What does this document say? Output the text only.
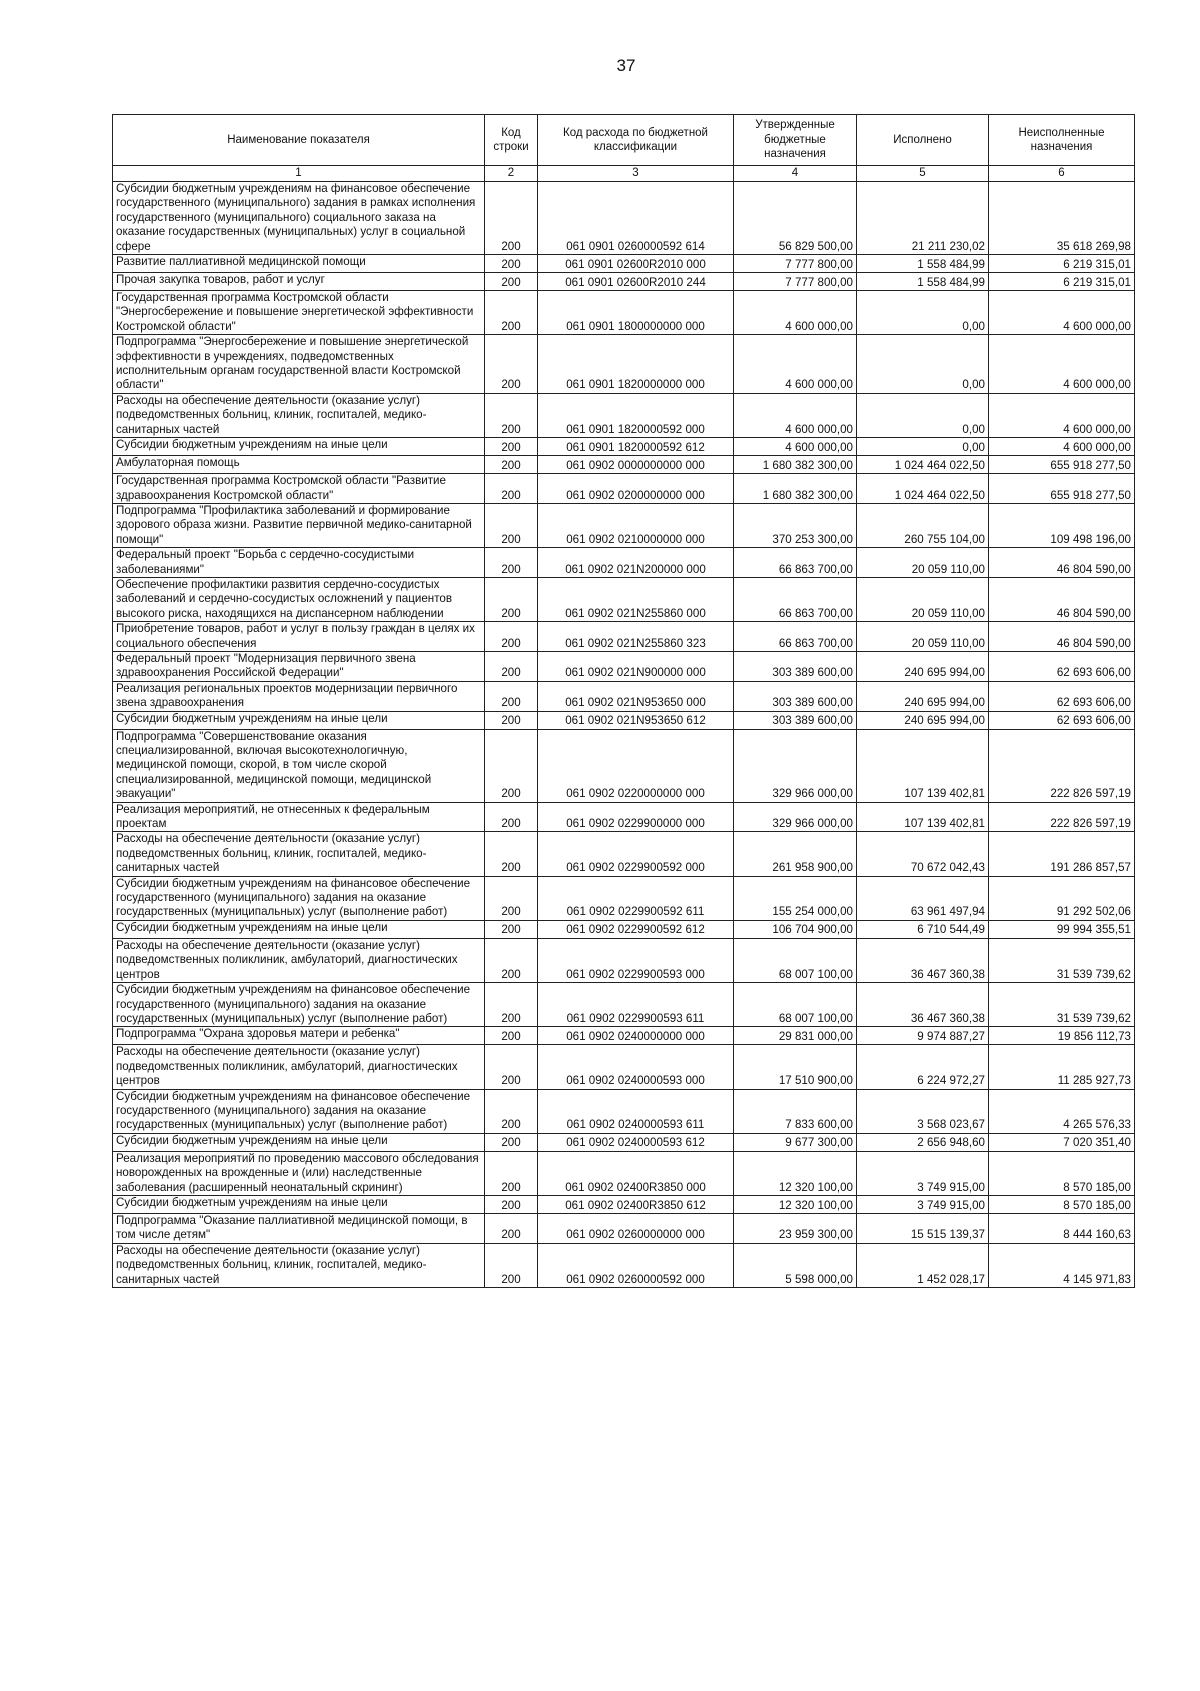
37
Наименование показателя	Код строки	Код расхода по бюджетной классификации	Утвержденные бюджетные назначения	Исполнено	Неисполненные назначения
1	2	3	4	5	6
Субсидии бюджетным учреждениям на финансовое обеспечение государственного (муниципального) задания в рамках исполнения государственного (муниципального) социального заказа на оказание государственных (муниципальных) услуг в социальной сфере	200	061 0901 0260000592 614	56 829 500,00	21 211 230,02	35 618 269,98
Развитие паллиативной медицинской помощи	200	061 0901 02600R2010 000	7 777 800,00	1 558 484,99	6 219 315,01
Прочая закупка товаров, работ и услуг	200	061 0901 02600R2010 244	7 777 800,00	1 558 484,99	6 219 315,01
Государственная программа Костромской области "Энергосбережение и повышение энергетической эффективности Костромской области"	200	061 0901 1800000000 000	4 600 000,00	0,00	4 600 000,00
Подпрограмма "Энергосбережение и повышение энергетической эффективности в учреждениях, подведомственных исполнительным органам государственной власти Костромской области"	200	061 0901 1820000000 000	4 600 000,00	0,00	4 600 000,00
Расходы на обеспечение деятельности (оказание услуг) подведомственных больниц, клиник, госпиталей, медико-санитарных частей	200	061 0901 1820000592 000	4 600 000,00	0,00	4 600 000,00
Субсидии бюджетным учреждениям на иные цели	200	061 0901 1820000592 612	4 600 000,00	0,00	4 600 000,00
Амбулаторная помощь	200	061 0902 0000000000 000	1 680 382 300,00	1 024 464 022,50	655 918 277,50
Государственная программа Костромской области "Развитие здравоохранения Костромской области"	200	061 0902 0200000000 000	1 680 382 300,00	1 024 464 022,50	655 918 277,50
Подпрограмма "Профилактика заболеваний и формирование здорового образа жизни. Развитие первичной медико-санитарной помощи"	200	061 0902 0210000000 000	370 253 300,00	260 755 104,00	109 498 196,00
Федеральный проект "Борьба с сердечно-сосудистыми заболеваниями"	200	061 0902 021N200000 000	66 863 700,00	20 059 110,00	46 804 590,00
Обеспечение профилактики развития сердечно-сосудистых заболеваний и сердечно-сосудистых осложнений у пациентов высокого риска, находящихся на диспансерном наблюдении	200	061 0902 021N255860 000	66 863 700,00	20 059 110,00	46 804 590,00
Приобретение товаров, работ и услуг в пользу граждан в целях их социального обеспечения	200	061 0902 021N255860 323	66 863 700,00	20 059 110,00	46 804 590,00
Федеральный проект "Модернизация первичного звена здравоохранения Российской Федерации"	200	061 0902 021N900000 000	303 389 600,00	240 695 994,00	62 693 606,00
Реализация региональных проектов модернизации первичного звена здравоохранения	200	061 0902 021N953650 000	303 389 600,00	240 695 994,00	62 693 606,00
Субсидии бюджетным учреждениям на иные цели	200	061 0902 021N953650 612	303 389 600,00	240 695 994,00	62 693 606,00
Подпрограмма "Совершенствование оказания специализированной, включая высокотехнологичную, медицинской помощи, скорой, в том числе скорой специализированной, медицинской помощи, медицинской эвакуации"	200	061 0902 0220000000 000	329 966 000,00	107 139 402,81	222 826 597,19
Реализация мероприятий, не отнесенных к федеральным проектам	200	061 0902 0229900000 000	329 966 000,00	107 139 402,81	222 826 597,19
Расходы на обеспечение деятельности (оказание услуг) подведомственных больниц, клиник, госпиталей, медико-санитарных частей	200	061 0902 0229900592 000	261 958 900,00	70 672 042,43	191 286 857,57
Субсидии бюджетным учреждениям на финансовое обеспечение государственного (муниципального) задания на оказание государственных (муниципальных) услуг (выполнение работ)	200	061 0902 0229900592 611	155 254 000,00	63 961 497,94	91 292 502,06
Субсидии бюджетным учреждениям на иные цели	200	061 0902 0229900592 612	106 704 900,00	6 710 544,49	99 994 355,51
Расходы на обеспечение деятельности (оказание услуг) подведомственных поликлиник, амбулаторий, диагностических центров	200	061 0902 0229900593 000	68 007 100,00	36 467 360,38	31 539 739,62
Субсидии бюджетным учреждениям на финансовое обеспечение государственного (муниципального) задания на оказание государственных (муниципальных) услуг (выполнение работ)	200	061 0902 0229900593 611	68 007 100,00	36 467 360,38	31 539 739,62
Подпрограмма "Охрана здоровья матери и ребенка"	200	061 0902 0240000000 000	29 831 000,00	9 974 887,27	19 856 112,73
Расходы на обеспечение деятельности (оказание услуг) подведомственных поликлиник, амбулаторий, диагностических центров	200	061 0902 0240000593 000	17 510 900,00	6 224 972,27	11 285 927,73
Субсидии бюджетным учреждениям на финансовое обеспечение государственного (муниципального) задания на оказание государственных (муниципальных) услуг (выполнение работ)	200	061 0902 0240000593 611	7 833 600,00	3 568 023,67	4 265 576,33
Субсидии бюджетным учреждениям на иные цели	200	061 0902 0240000593 612	9 677 300,00	2 656 948,60	7 020 351,40
Реализация мероприятий по проведению массового обследования новорожденных на врожденные и (или) наследственные заболевания (расширенный неонатальный скрининг)	200	061 0902 02400R3850 000	12 320 100,00	3 749 915,00	8 570 185,00
Субсидии бюджетным учреждениям на иные цели	200	061 0902 02400R3850 612	12 320 100,00	3 749 915,00	8 570 185,00
Подпрограмма "Оказание паллиативной медицинской помощи, в том числе детям"	200	061 0902 0260000000 000	23 959 300,00	15 515 139,37	8 444 160,63
Расходы на обеспечение деятельности (оказание услуг) подведомственных больниц, клиник, госпиталей, медико-санитарных частей	200	061 0902 0260000592 000	5 598 000,00	1 452 028,17	4 145 971,83
